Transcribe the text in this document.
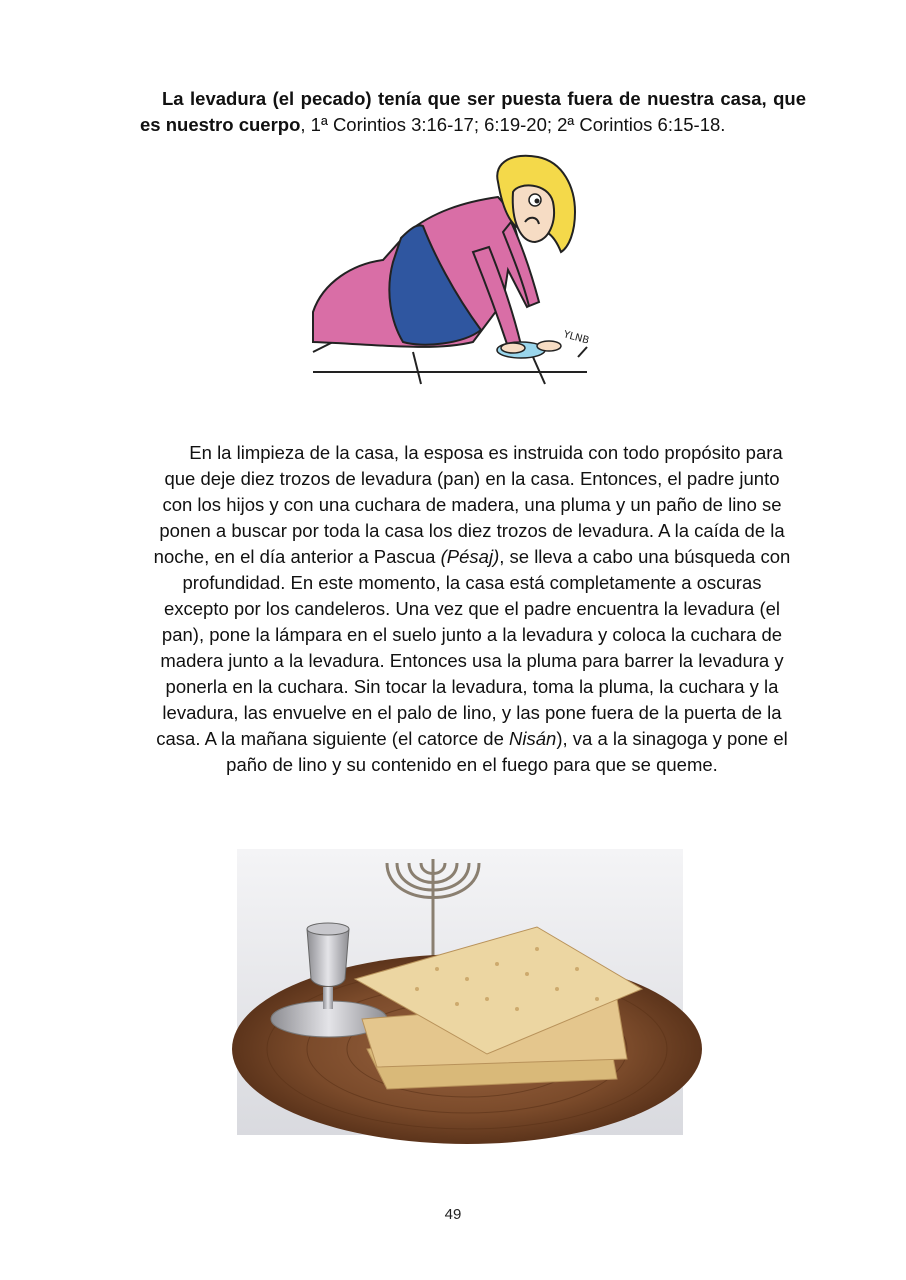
La levadura (el pecado) tenía que ser puesta fuera de nuestra casa, que es nuestro cuerpo, 1ª Corintios 3:16-17; 6:19-20; 2ª Corintios 6:15-18.
YLNB
En la limpieza de la casa, la esposa es instruida con todo propósito para
que deje diez trozos de levadura (pan) en la casa. Entonces, el padre junto
con los hijos y con una cuchara de madera, una pluma y un paño de lino se
ponen a buscar por toda la casa los diez trozos de levadura. A la caída de la
noche, en el día anterior a Pascua (Pésaj), se lleva a cabo una búsqueda con
profundidad. En este momento, la casa está completamente a oscuras
excepto por los candeleros. Una vez que el padre encuentra la levadura (el
pan), pone la lámpara en el suelo junto a la levadura y coloca la cuchara de
madera junto a la levadura. Entonces usa la pluma para barrer la levadura y
ponerla en la cuchara. Sin tocar la levadura, toma la pluma, la cuchara y la
levadura, las envuelve en el palo de lino, y las pone fuera de la puerta de la
casa. A la mañana siguiente (el catorce de Nisán), va a la sinagoga y pone el
paño de lino y su contenido en el fuego para que se queme.
49
